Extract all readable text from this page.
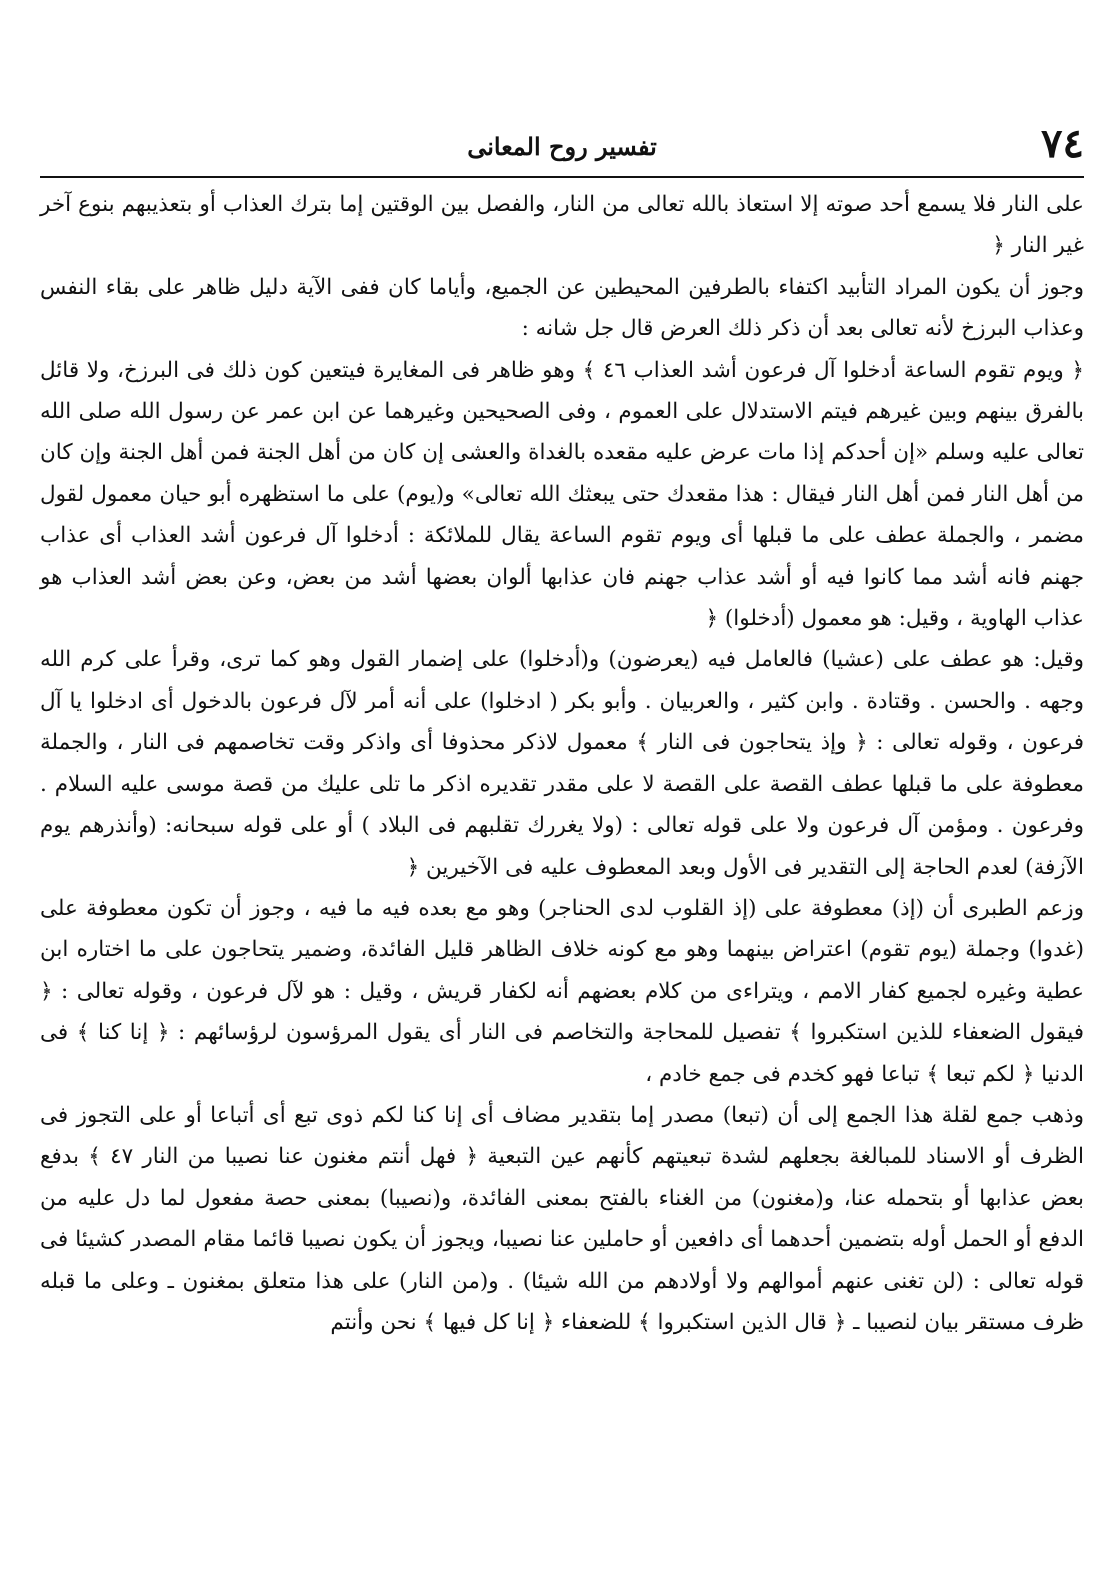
٧٤
تفسير روح المعانى

على النار فلا يسمع أحد صوته إلا استعاذ بالله تعالى من النار، والفصل بين الوقتين إما بترك العذاب أو بتعذيبهم بنوع آخر غير النار ﴿

وجوز أن يكون المراد التأبيد اكتفاء بالطرفين المحيطين عن الجميع، وأياما كان ففى الآية دليل ظاهر على بقاء النفس وعذاب البرزخ لأنه تعالى بعد أن ذكر ذلك العرض قال جل شانه :

﴿ ويوم تقوم الساعة أدخلوا آل فرعون أشد العذاب ٤٦ ﴾ وهو ظاهر فى المغايرة فيتعين كون ذلك فى البرزخ، ولا قائل بالفرق بينهم وبين غيرهم فيتم الاستدلال على العموم ، وفى الصحيحين وغيرهما عن ابن عمر عن رسول الله صلى الله تعالى عليه وسلم «إن أحدكم إذا مات عرض عليه مقعده بالغداة والعشى إن كان من أهل الجنة فمن أهل الجنة وإن كان من أهل النار فمن أهل النار فيقال : هذا مقعدك حتى يبعثك الله تعالى» و(يوم) على ما استظهره أبو حيان معمول لقول مضمر ، والجملة عطف على ما قبلها أى ويوم تقوم الساعة يقال للملائكة : أدخلوا آل فرعون أشد العذاب أى عذاب جهنم فانه أشد مما كانوا فيه أو أشد عذاب جهنم فان عذابها ألوان بعضها أشد من بعض، وعن بعض أشد العذاب هو عذاب الهاوية ، وقيل: هو معمول (أدخلوا) ﴿

وقيل: هو عطف على (عشيا) فالعامل فيه (يعرضون) و(أدخلوا) على إضمار القول وهو كما ترى، وقرأ على كرم الله وجهه . والحسن . وقتادة . وابن كثير ، والعربيان . وأبو بكر ( ادخلوا) على أنه أمر لآل فرعون بالدخول أى ادخلوا يا آل فرعون ، وقوله تعالى : ﴿ وإذ يتحاجون فى النار ﴾ معمول لاذكر محذوفا أى واذكر وقت تخاصمهم فى النار ، والجملة معطوفة على ما قبلها عطف القصة على القصة لا على مقدر تقديره اذكر ما تلى عليك من قصة موسى عليه السلام . وفرعون . ومؤمن آل فرعون ولا على قوله تعالى : (ولا يغررك تقلبهم فى البلاد ) أو على قوله سبحانه: (وأنذرهم يوم الآزفة) لعدم الحاجة إلى التقدير فى الأول وبعد المعطوف عليه فى الآخيرين ﴿

وزعم الطبرى أن (إذ) معطوفة على (إذ القلوب لدى الحناجر) وهو مع بعده فيه ما فيه ، وجوز أن تكون معطوفة على (غدوا) وجملة (يوم تقوم) اعتراض بينهما وهو مع كونه خلاف الظاهر قليل الفائدة، وضمير يتحاجون على ما اختاره ابن عطية وغيره لجميع كفار الامم ، ويتراءى من كلام بعضهم أنه لكفار قريش ، وقيل : هو لآل فرعون ، وقوله تعالى : ﴿ فيقول الضعفاء للذين استكبروا ﴾ تفصيل للمحاجة والتخاصم فى النار أى يقول المرؤسون لرؤسائهم : ﴿ إنا كنا ﴾ فى الدنيا ﴿ لكم تبعا ﴾ تباعا فهو كخدم فى جمع خادم ،

وذهب جمع لقلة هذا الجمع إلى أن (تبعا) مصدر إما بتقدير مضاف أى إنا كنا لكم ذوى تبع أى أتباعا أو على التجوز فى الظرف أو الاسناد للمبالغة بجعلهم لشدة تبعيتهم كأنهم عين التبعية ﴿ فهل أنتم مغنون عنا نصيبا من النار ٤٧ ﴾ بدفع بعض عذابها أو بتحمله عنا، و(مغنون) من الغناء بالفتح بمعنى الفائدة، و(نصيبا) بمعنى حصة مفعول لما دل عليه من الدفع أو الحمل أوله بتضمين أحدهما أى دافعين أو حاملين عنا نصيبا، ويجوز أن يكون نصيبا قائما مقام المصدر كشيئا فى قوله تعالى : (لن تغنى عنهم أموالهم ولا أولادهم من الله شيئا) . و(من النار) على هذا متعلق بمغنون ـ وعلى ما قبله ظرف مستقر بيان لنصيبا ـ ﴿ قال الذين استكبروا ﴾ للضعفاء ﴿ إنا كل فيها ﴾ نحن وأنتم
